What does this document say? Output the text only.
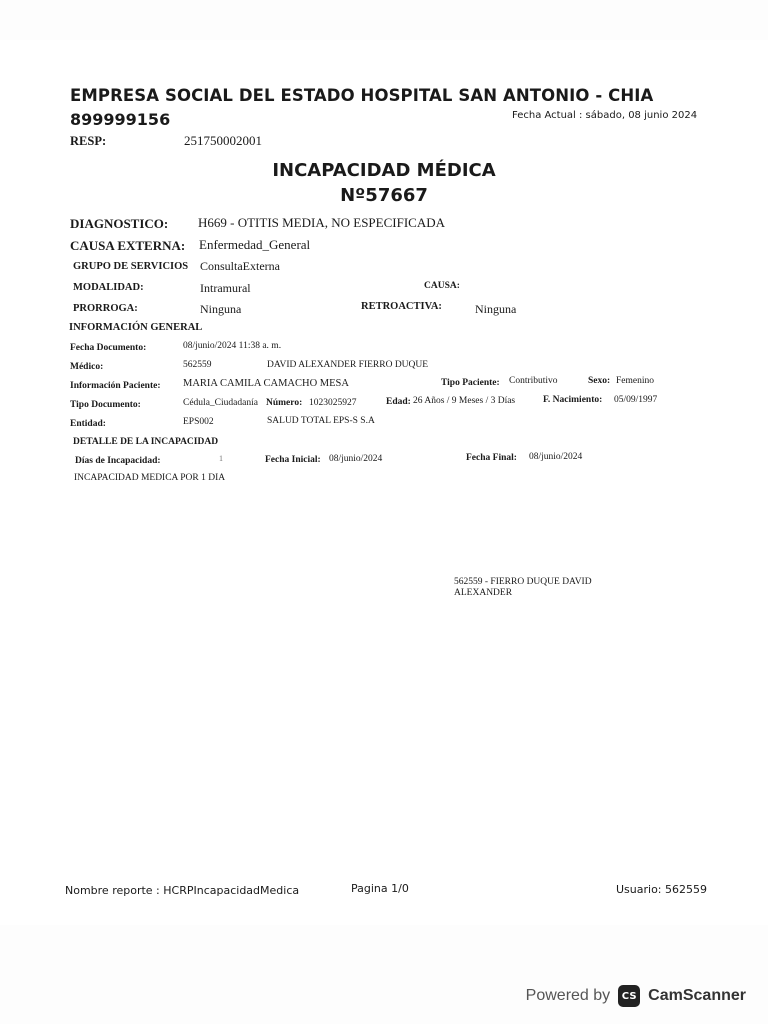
EMPRESA SOCIAL DEL ESTADO HOSPITAL SAN ANTONIO - CHIA
899999156	Fecha Actual : sábado, 08 junio 2024
RESP:	251750002001
INCAPACIDAD MÉDICA
Nº57667
DIAGNOSTICO: H669 - OTITIS MEDIA, NO ESPECIFICADA
CAUSA EXTERNA: Enfermedad_General
GRUPO DE SERVICIOS ConsultaExterna
MODALIDAD:	Intramural	CAUSA:
PRORROGA:	Ninguna	RETROACTIVA:	Ninguna
INFORMACIÓN GENERAL
Fecha Documento:	08/junio/2024 11:38 a. m.
Médico:	562559	DAVID ALEXANDER FIERRO DUQUE
Información Paciente: MARIA CAMILA CAMACHO MESA	Tipo Paciente: Contributivo	Sexo: Femenino
Tipo Documento:	Cédula_Ciudadanía Número: 1023025927	Edad: 26 Años / 9 Meses / 3 Días	F. Nacimiento: 05/09/1997
Entidad:	EPS002	SALUD TOTAL EPS-S S.A
DETALLE DE LA INCAPACIDAD
Días de Incapacidad:	1	Fecha Inicial: 08/junio/2024	Fecha Final: 08/junio/2024
INCAPACIDAD MEDICA POR 1 DIA
562559 - FIERRO DUQUE DAVID
ALEXANDER
Nombre reporte : HCRPIncapacidadMedica	Pagina 1/0	Usuario: 562559
Powered by	CS CamScanner
